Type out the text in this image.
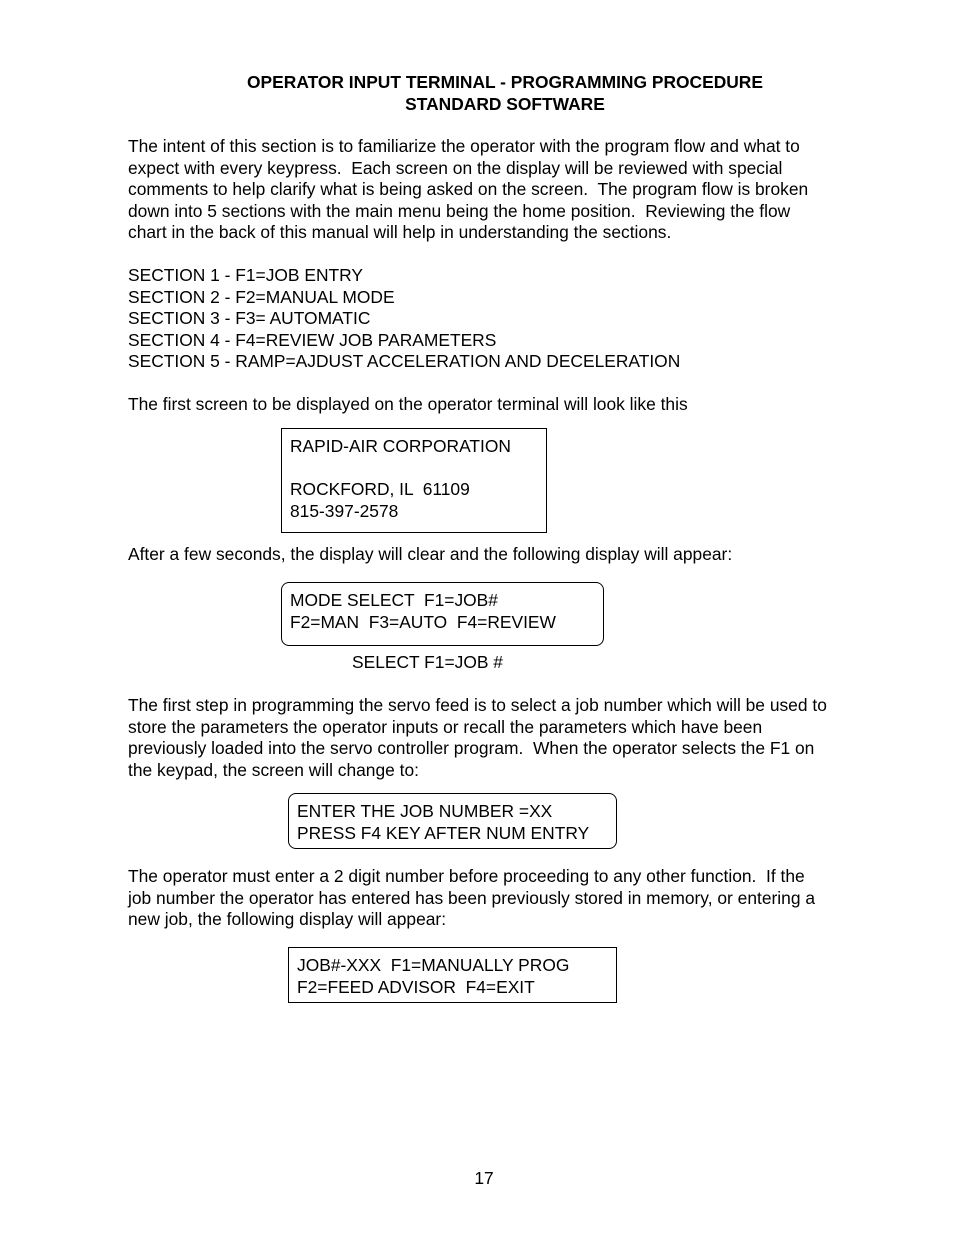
OPERATOR INPUT TERMINAL - PROGRAMMING PROCEDURE
STANDARD SOFTWARE
The intent of this section is to familiarize the operator with the program flow and what to
expect with every keypress.  Each screen on the display will be reviewed with special
comments to help clarify what is being asked on the screen.  The program flow is broken
down into 5 sections with the main menu being the home position.  Reviewing the flow
chart in the back of this manual will help in understanding the sections.
SECTION 1 - F1=JOB ENTRY
SECTION 2 - F2=MANUAL MODE
SECTION 3 - F3= AUTOMATIC
SECTION 4 - F4=REVIEW JOB PARAMETERS
SECTION 5 - RAMP=AJDUST ACCELERATION AND DECELERATION
The first screen to be displayed on the operator terminal will look like this
RAPID-AIR CORPORATION

ROCKFORD, IL  61109
815-397-2578
After a few seconds, the display will clear and the following display will appear:
MODE SELECT  F1=JOB#
F2=MAN  F3=AUTO  F4=REVIEW
SELECT F1=JOB #
The first step in programming the servo feed is to select a job number which will be used to
store the parameters the operator inputs or recall the parameters which have been
previously loaded into the servo controller program.  When the operator selects the F1 on
the keypad, the screen will change to:
ENTER THE JOB NUMBER =XX
PRESS F4 KEY AFTER NUM ENTRY
The operator must enter a 2 digit number before proceeding to any other function.  If the
job number the operator has entered has been previously stored in memory, or entering a
new job, the following display will appear:
JOB#-XXX  F1=MANUALLY PROG
F2=FEED ADVISOR  F4=EXIT
17
